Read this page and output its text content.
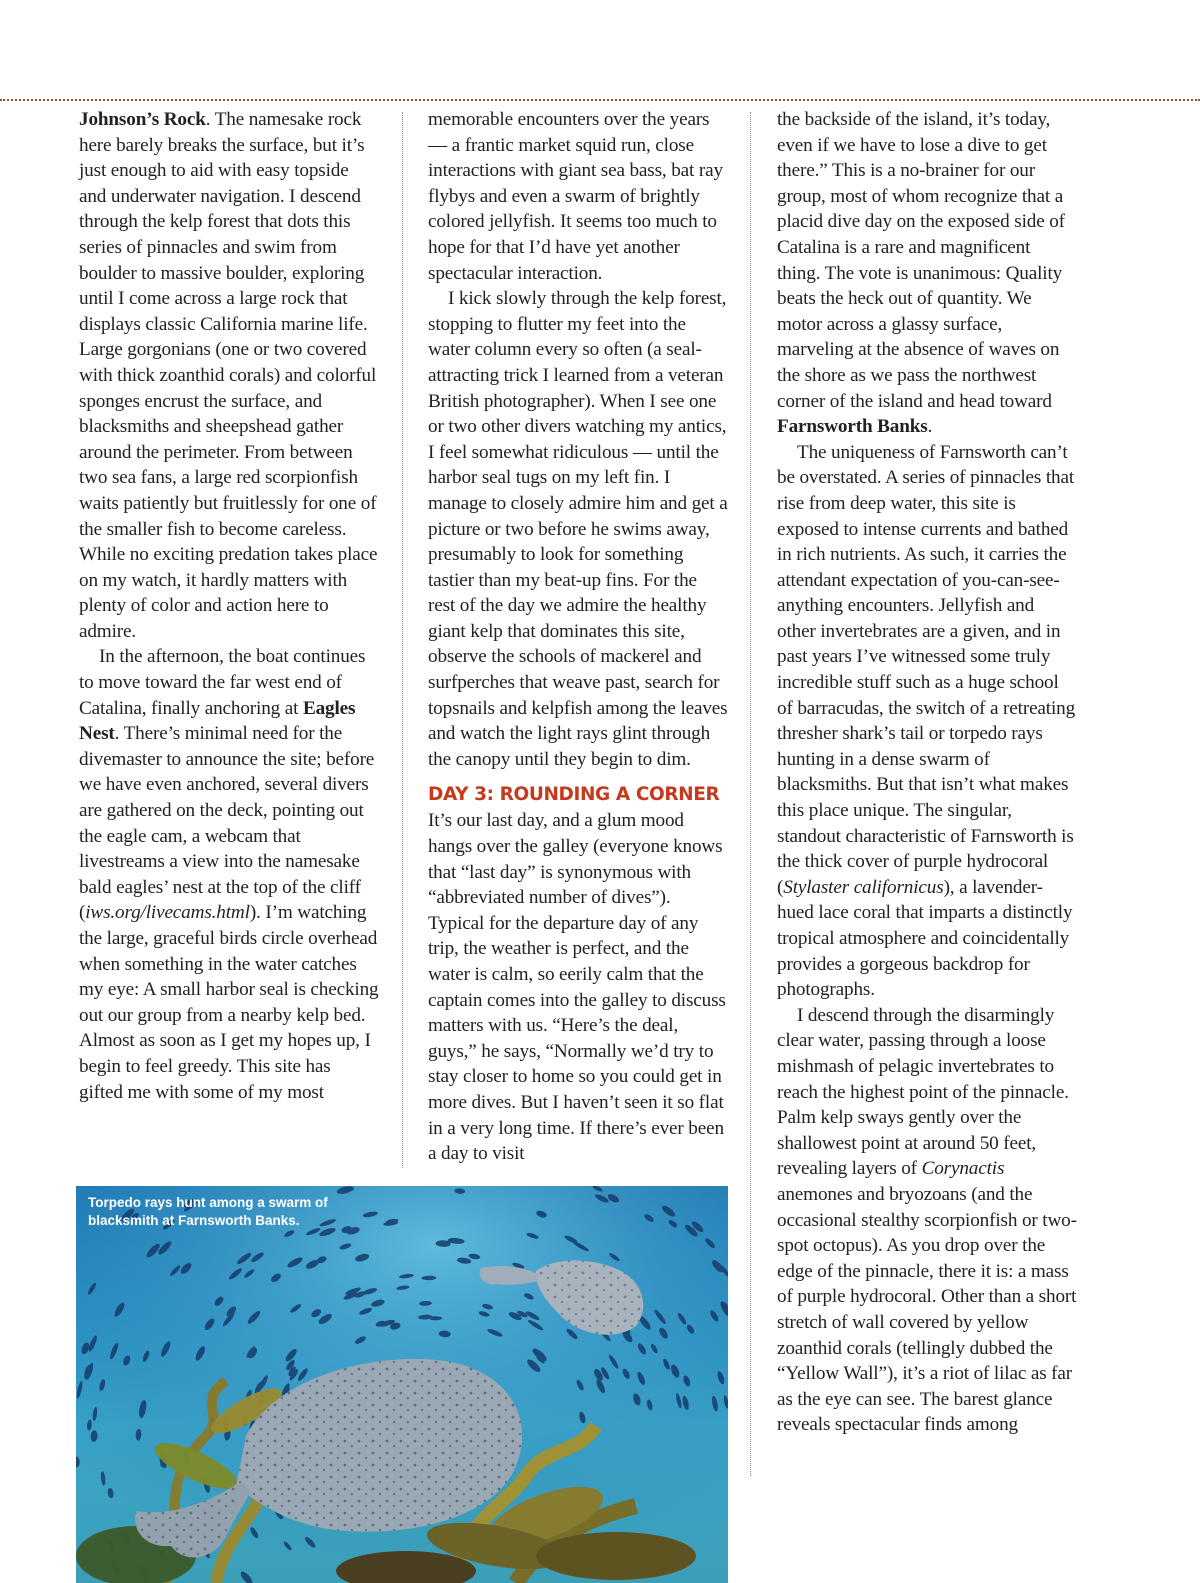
Johnson’s Rock. The namesake rock here barely breaks the surface, but it’s just enough to aid with easy topside and underwater navigation. I descend through the kelp forest that dots this series of pinnacles and swim from boulder to massive boulder, exploring until I come across a large rock that displays classic California marine life. Large gorgonians (one or two covered with thick zoanthid corals) and colorful sponges encrust the surface, and blacksmiths and sheepshead gather around the perimeter. From between two sea fans, a large red scorpionfish waits patiently but fruitlessly for one of the smaller fish to become careless. While no exciting predation takes place on my watch, it hardly matters with plenty of color and action here to admire.

In the afternoon, the boat continues to move toward the far west end of Catalina, finally anchoring at Eagles Nest. There’s minimal need for the divemaster to announce the site; before we have even anchored, several divers are gathered on the deck, pointing out the eagle cam, a webcam that livestreams a view into the namesake bald eagles’ nest at the top of the cliff (iws.org/livecams.html). I’m watching the large, graceful birds circle overhead when something in the water catches my eye: A small harbor seal is checking out our group from a nearby kelp bed. Almost as soon as I get my hopes up, I begin to feel greedy. This site has gifted me with some of my most

memorable encounters over the years — a frantic market squid run, close interactions with giant sea bass, bat ray flybys and even a swarm of brightly colored jellyfish. It seems too much to hope for that I’d have yet another spectacular interaction.

I kick slowly through the kelp forest, stopping to flutter my feet into the water column every so often (a seal-attracting trick I learned from a veteran British photographer). When I see one or two other divers watching my antics, I feel somewhat ridiculous — until the harbor seal tugs on my left fin. I manage to closely admire him and get a picture or two before he swims away, presumably to look for something tastier than my beat-up fins. For the rest of the day we admire the healthy giant kelp that dominates this site, observe the schools of mackerel and surfperches that weave past, search for topsnails and kelpfish among the leaves and watch the light rays glint through the canopy until they begin to dim.

DAY 3: ROUNDING A CORNER

It’s our last day, and a glum mood hangs over the galley (everyone knows that “last day” is synonymous with “abbreviated number of dives”). Typical for the departure day of any trip, the weather is perfect, and the water is calm, so eerily calm that the captain comes into the galley to discuss matters with us. “Here’s the deal, guys,” he says, “Normally we’d try to stay closer to home so you could get in more dives. But I haven’t seen it so flat in a very long time. If there’s ever been a day to visit

the backside of the island, it’s today, even if we have to lose a dive to get there.” This is a no-brainer for our group, most of whom recognize that a placid dive day on the exposed side of Catalina is a rare and magnificent thing. The vote is unanimous: Quality beats the heck out of quantity. We motor across a glassy surface, marveling at the absence of waves on the shore as we pass the northwest corner of the island and head toward Farnsworth Banks.

The uniqueness of Farnsworth can’t be overstated. A series of pinnacles that rise from deep water, this site is exposed to intense currents and bathed in rich nutrients. As such, it carries the attendant expectation of you-can-see-anything encounters. Jellyfish and other invertebrates are a given, and in past years I’ve witnessed some truly incredible stuff such as a huge school of barracudas, the switch of a retreating thresher shark’s tail or torpedo rays hunting in a dense swarm of blacksmiths. But that isn’t what makes this place unique. The singular, standout characteristic of Farnsworth is the thick cover of purple hydrocoral (Stylaster californicus), a lavender-hued lace coral that imparts a distinctly tropical atmosphere and coincidentally provides a gorgeous backdrop for photographs.

I descend through the disarmingly clear water, passing through a loose mishmash of pelagic invertebrates to reach the highest point of the pinnacle. Palm kelp sways gently over the shallowest point at around 50 feet, revealing layers of Corynactis anemones and bryozoans (and the occasional stealthy scorpionfish or two-spot octopus). As you drop over the edge of the pinnacle, there it is: a mass of purple hydrocoral. Other than a short stretch of wall covered by yellow zoanthid corals (tellingly dubbed the “Yellow Wall”), it’s a riot of lilac as far as the eye can see. The barest glance reveals spectacular finds among

Torpedo rays hunt among a swarm of blacksmith at Farnsworth Banks.
